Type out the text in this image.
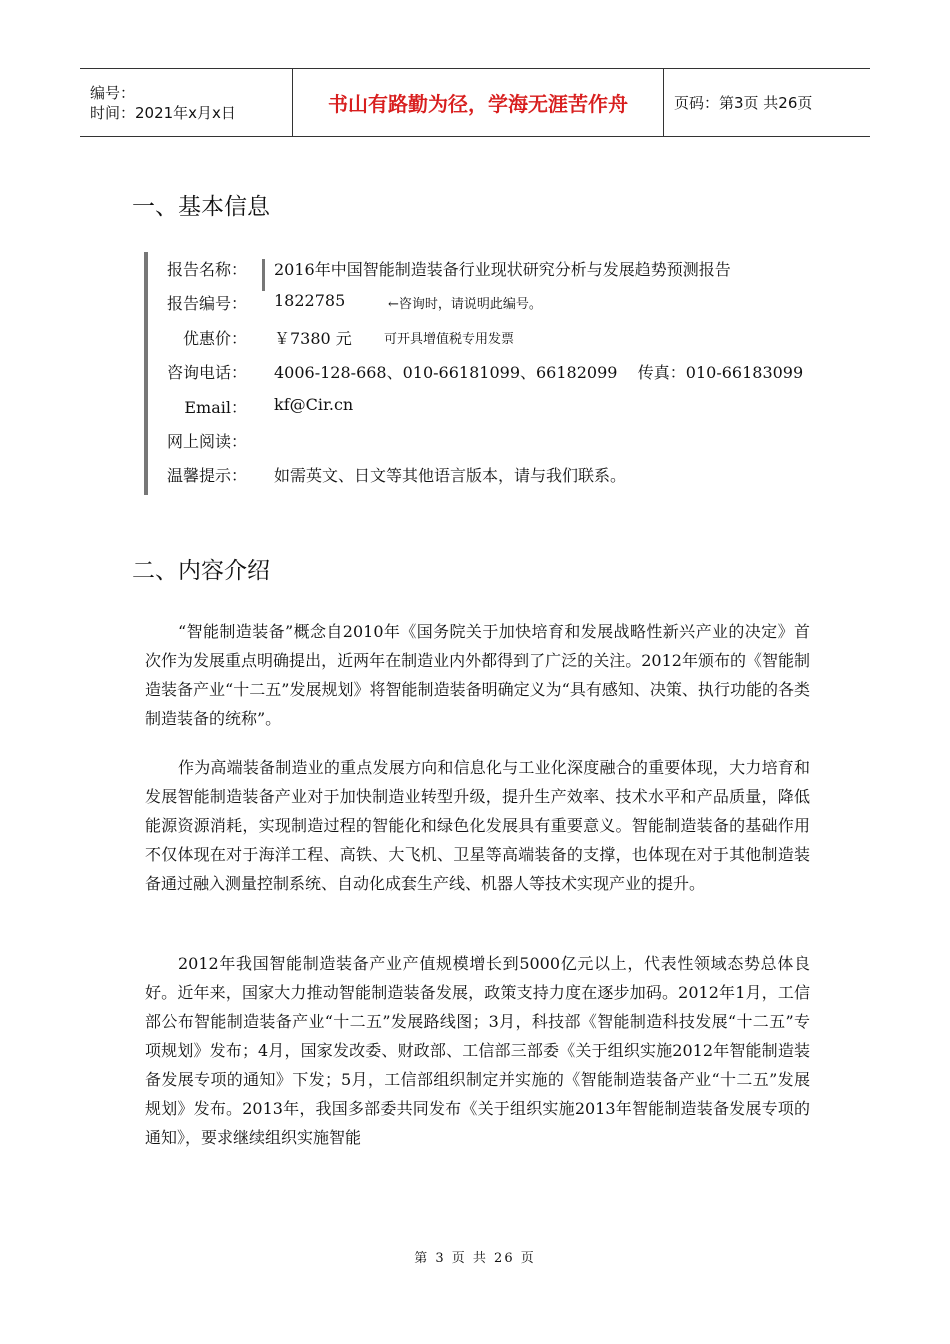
编号：
时间：2021年x月x日	书山有路勤为径，学海无涯苦作舟	页码：第3页 共26页
一、基本信息
报告名称： 2016年中国智能制造装备行业现状研究分析与发展趋势预测报告
报告编号： 1822785	←咨询时，请说明此编号。
优惠价： ￥7380 元 可开具增值税专用发票
咨询电话： 4006-128-668、010-66181099、66182099    传真：010-66183099
Email： kf@Cir.cn
网上阅读：
温馨提示： 如需英文、日文等其他语言版本，请与我们联系。
二、内容介绍

“智能制造装备”概念自2010年《国务院关于加快培育和发展战略性新兴产业的决定》首次作为发展重点明确提出，近两年在制造业内外都得到了广泛的关注。2012年颁布的《智能制造装备产业“十二五”发展规划》将智能制造装备明确定义为“具有感知、决策、执行功能的各类制造装备的统称”。

作为高端装备制造业的重点发展方向和信息化与工业化深度融合的重要体现，大力培育和发展智能制造装备产业对于加快制造业转型升级，提升生产效率、技术水平和产品质量，降低能源资源消耗，实现制造过程的智能化和绿色化发展具有重要意义。智能制造装备的基础作用不仅体现在对于海洋工程、高铁、大飞机、卫星等高端装备的支撑，也体现在对于其他制造装备通过融入测量控制系统、自动化成套生产线、机器人等技术实现产业的提升。

2012年我国智能制造装备产业产值规模增长到5000亿元以上，代表性领域态势总体良好。近年来，国家大力推动智能制造装备发展，政策支持力度在逐步加码。2012年1月，工信部公布智能制造装备产业“十二五”发展路线图；3月，科技部《智能制造科技发展“十二五”专项规划》发布；4月，国家发改委、财政部、工信部三部委《关于组织实施2012年智能制造装备发展专项的通知》下发；5月，工信部组织制定并实施的《智能制造装备产业“十二五”发展规划》发布。2013年，我国多部委共同发布《关于组织实施2013年智能制造装备发展专项的通知》，要求继续组织实施智能

第 3 页 共 26 页
